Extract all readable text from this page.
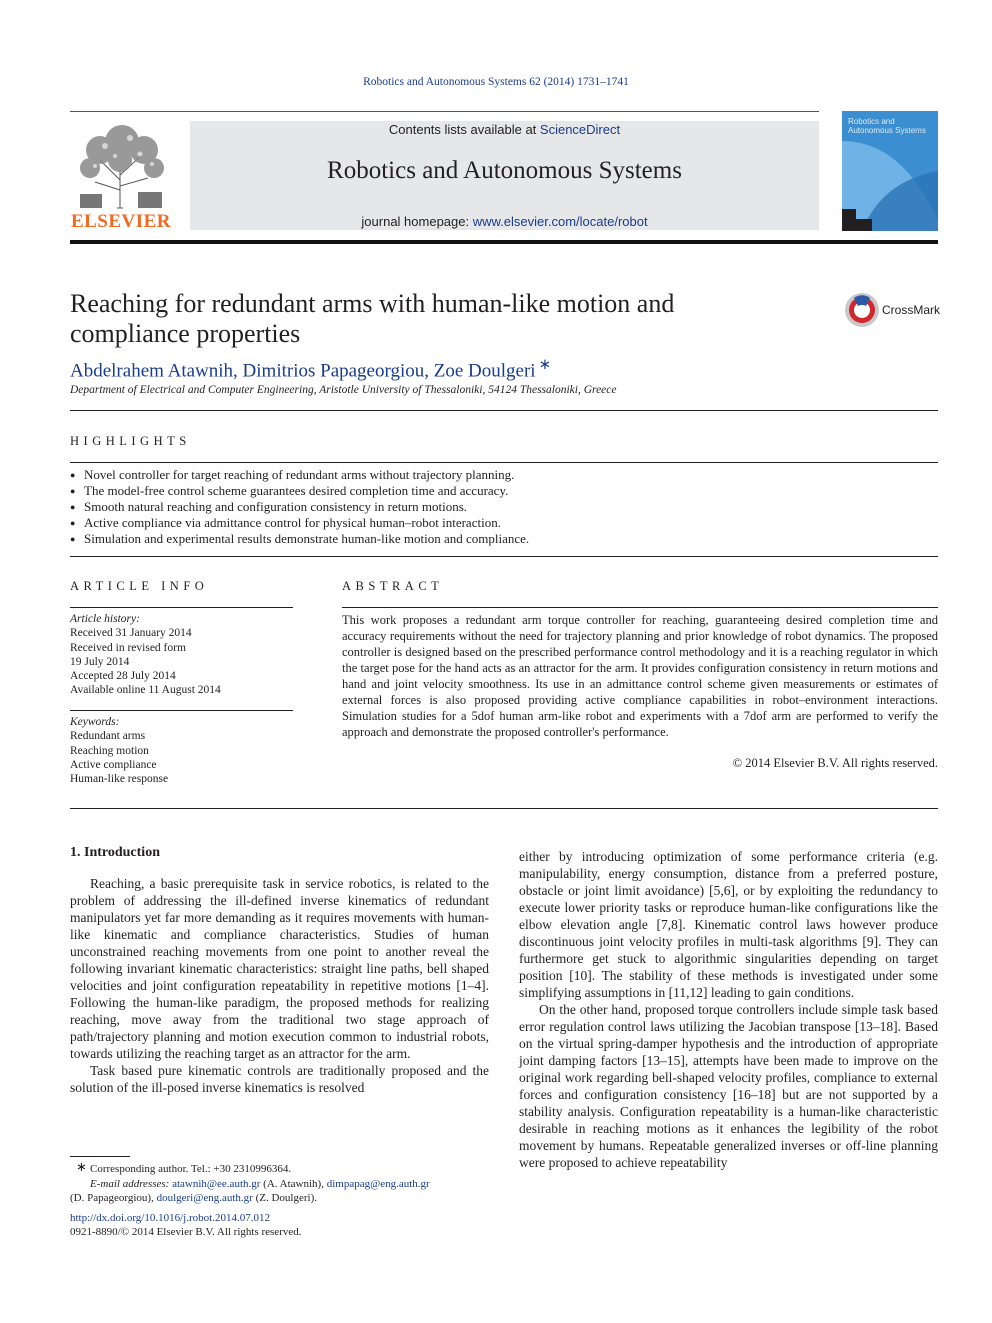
Robotics and Autonomous Systems 62 (2014) 1731–1741
ELSEVIER
Contents lists available at ScienceDirect
Robotics and Autonomous Systems
journal homepage: www.elsevier.com/locate/robot
Robotics and
Autonomous Systems
Reaching for redundant arms with human-like motion and
compliance properties
CrossMark
Abdelrahem Atawnih, Dimitrios Papageorgiou, Zoe Doulgeri ∗
Department of Electrical and Computer Engineering, Aristotle University of Thessaloniki, 54124 Thessaloniki, Greece
HIGHLIGHTS
● Novel controller for target reaching of redundant arms without trajectory planning.
● The model-free control scheme guarantees desired completion time and accuracy.
● Smooth natural reaching and configuration consistency in return motions.
● Active compliance via admittance control for physical human–robot interaction.
● Simulation and experimental results demonstrate human-like motion and compliance.
ARTICLE INFO
Article history:
Received 31 January 2014
Received in revised form
19 July 2014
Accepted 28 July 2014
Available online 11 August 2014
Keywords:
Redundant arms
Reaching motion
Active compliance
Human-like response
ABSTRACT
This work proposes a redundant arm torque controller for reaching, guaranteeing desired completion time and accuracy requirements without the need for trajectory planning and prior knowledge of robot dynamics. The proposed controller is designed based on the prescribed performance control methodology and it is a reaching regulator in which the target pose for the hand acts as an attractor for the arm. It provides configuration consistency in return motions and hand and joint velocity smoothness. Its use in an admittance control scheme given measurements or estimates of external forces is also proposed providing active compliance capabilities in robot–environment interactions. Simulation studies for a 5dof human arm-like robot and experiments with a 7dof arm are performed to verify the approach and demonstrate the proposed controller's performance.
© 2014 Elsevier B.V. All rights reserved.
1. Introduction
Reaching, a basic prerequisite task in service robotics, is related to the problem of addressing the ill-defined inverse kinematics of redundant manipulators yet far more demanding as it requires movements with human-like kinematic and compliance characteristics. Studies of human unconstrained reaching movements from one point to another reveal the following invariant kinematic characteristics: straight line paths, bell shaped velocities and joint configuration repeatability in repetitive motions [1–4]. Following the human-like paradigm, the proposed methods for realizing reaching, move away from the traditional two stage approach of path/trajectory planning and motion execution common to industrial robots, towards utilizing the reaching target as an attractor for the arm.
Task based pure kinematic controls are traditionally proposed and the solution of the ill-posed inverse kinematics is resolved
either by introducing optimization of some performance criteria (e.g. manipulability, energy consumption, distance from a preferred posture, obstacle or joint limit avoidance) [5,6], or by exploiting the redundancy to execute lower priority tasks or reproduce human-like configurations like the elbow elevation angle [7,8]. Kinematic control laws however produce discontinuous joint velocity profiles in multi-task algorithms [9]. They can furthermore get stuck to algorithmic singularities depending on target position [10]. The stability of these methods is investigated under some simplifying assumptions in [11,12] leading to gain conditions.
On the other hand, proposed torque controllers include simple task based error regulation control laws utilizing the Jacobian transpose [13–18]. Based on the virtual spring-damper hypothesis and the introduction of appropriate joint damping factors [13–15], attempts have been made to improve on the original work regarding bell-shaped velocity profiles, compliance to external forces and configuration consistency [16–18] but are not supported by a stability analysis. Configuration repeatability is a human-like characteristic desirable in reaching motions as it enhances the legibility of the robot movement by humans. Repeatable generalized inverses or off-line planning were proposed to achieve repeatability
∗ Corresponding author. Tel.: +30 2310996364.
E-mail addresses: atawnih@ee.auth.gr (A. Atawnih), dimpapag@eng.auth.gr
(D. Papageorgiou), doulgeri@eng.auth.gr (Z. Doulgeri).
http://dx.doi.org/10.1016/j.robot.2014.07.012
0921-8890/© 2014 Elsevier B.V. All rights reserved.
